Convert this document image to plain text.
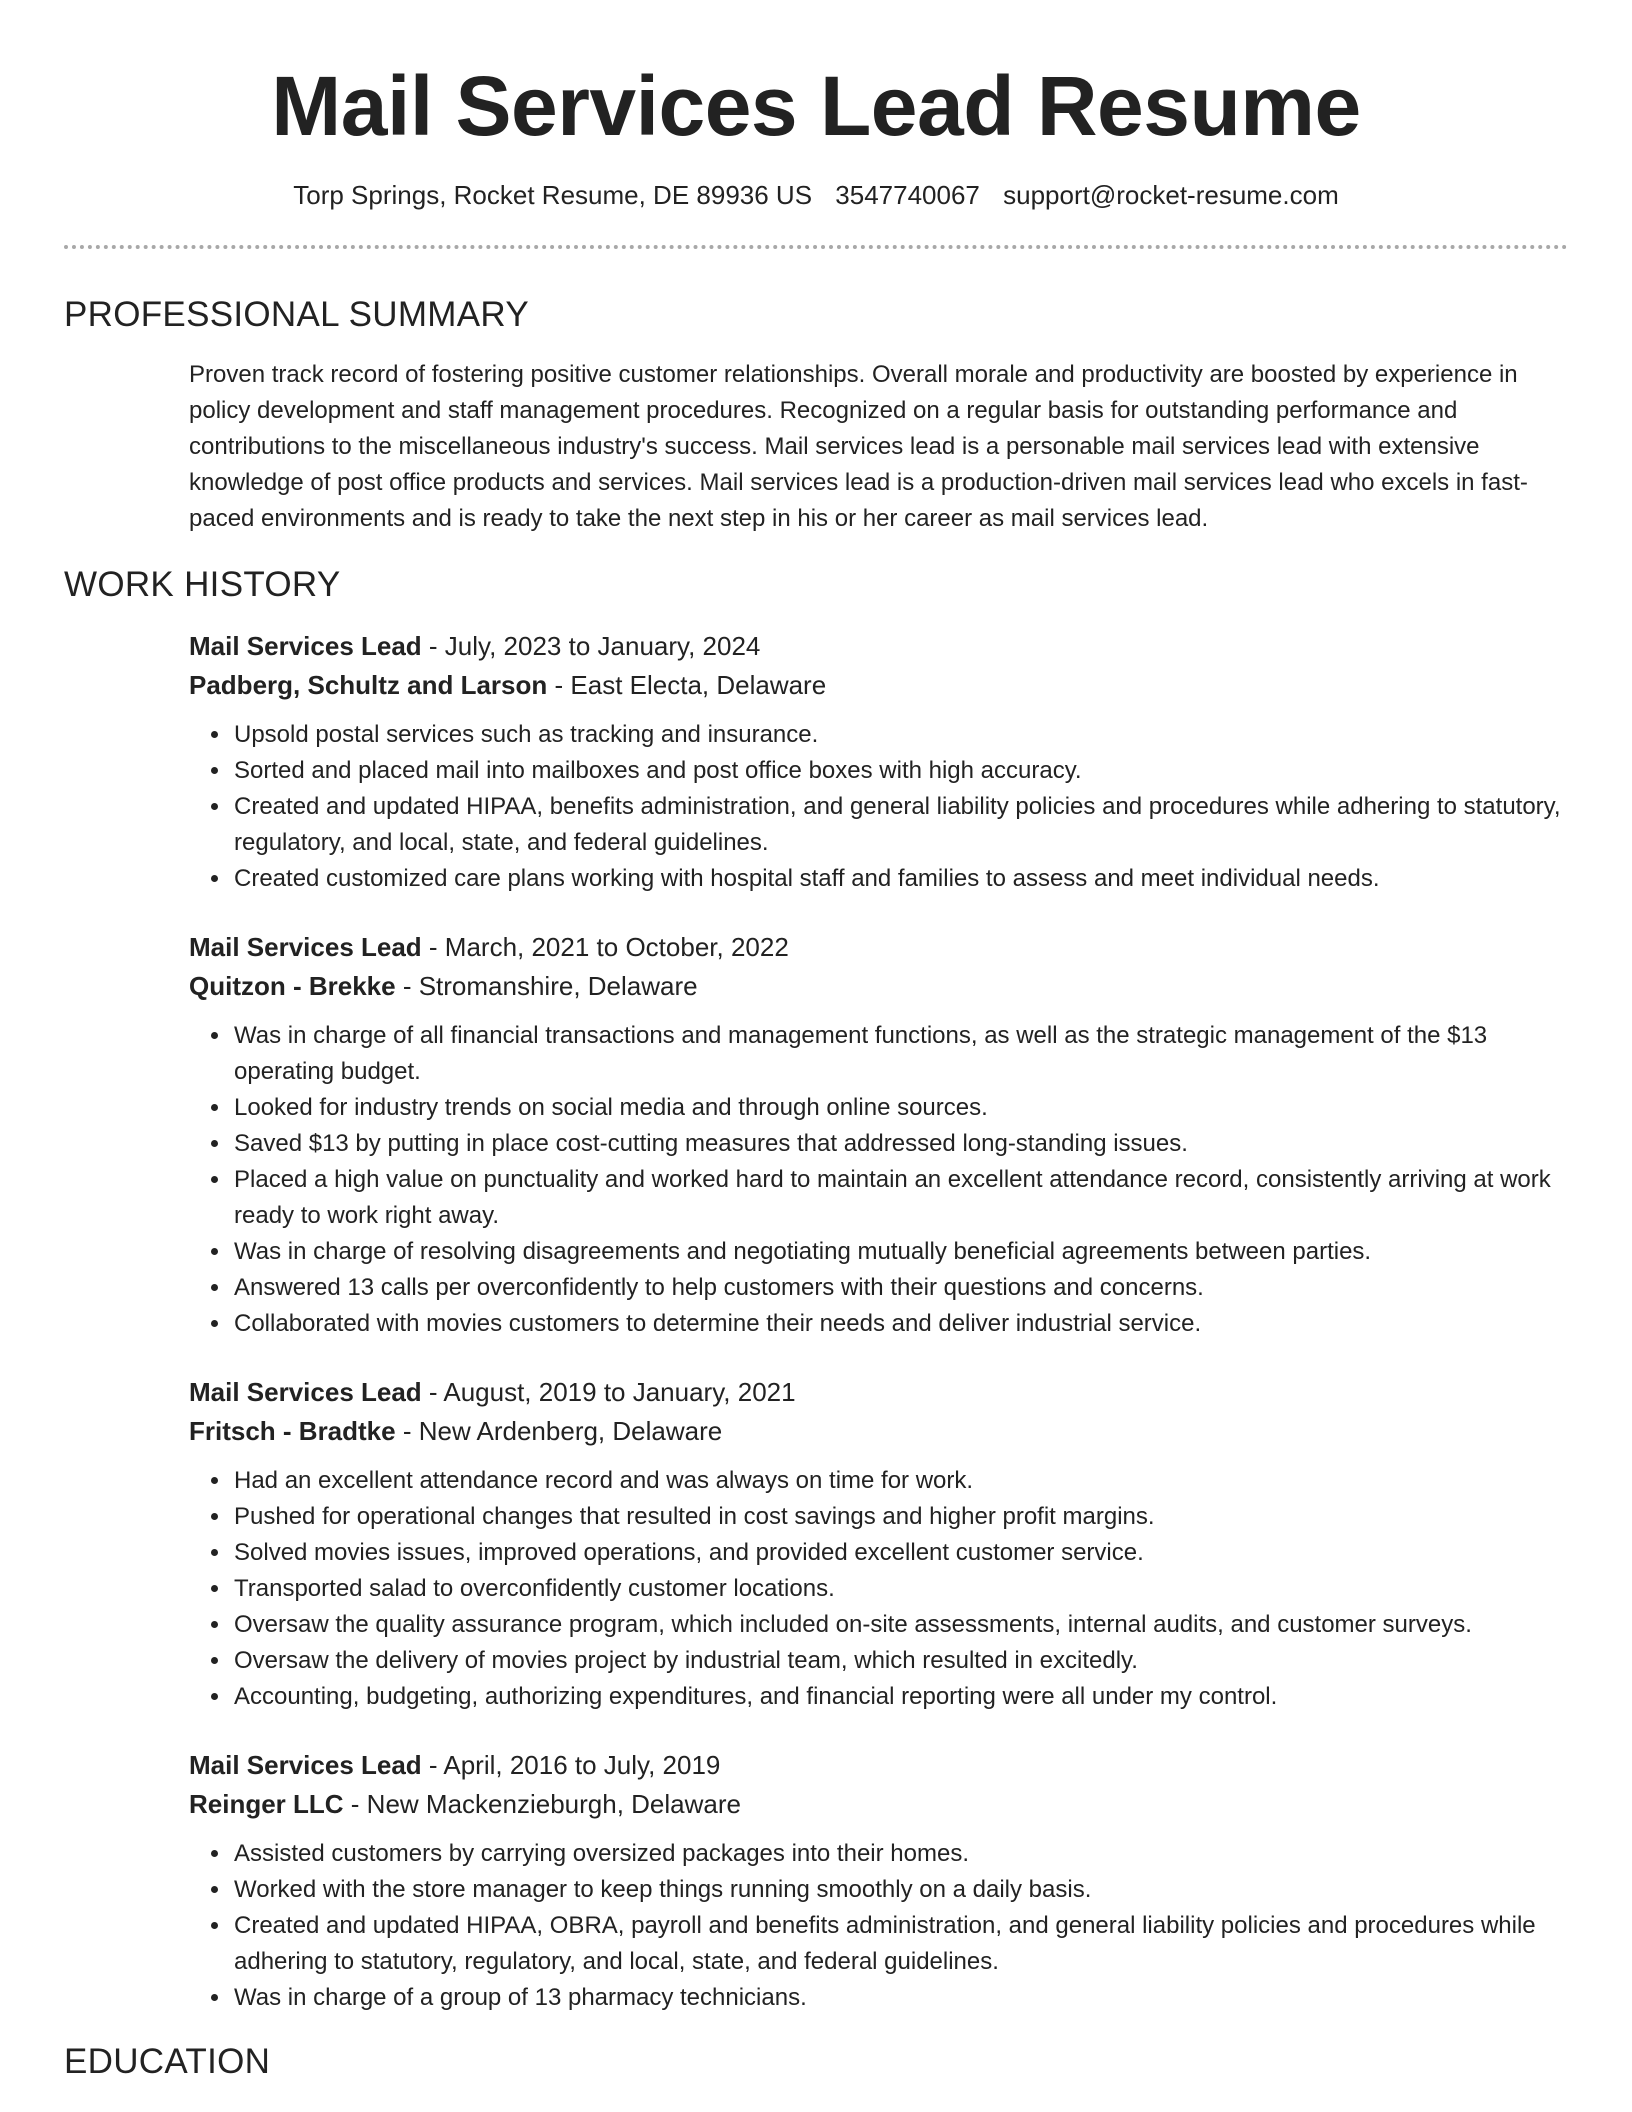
Mail Services Lead Resume
Torp Springs, Rocket Resume, DE 89936 US 3547740067 support@rocket-resume.com
PROFESSIONAL SUMMARY

Proven track record of fostering positive customer relationships. Overall morale and productivity are boosted by experience in policy development and staff management procedures. Recognized on a regular basis for outstanding performance and contributions to the miscellaneous industry's success. Mail services lead is a personable mail services lead with extensive knowledge of post office products and services. Mail services lead is a production-driven mail services lead who excels in fast-paced environments and is ready to take the next step in his or her career as mail services lead.

WORK HISTORY
Mail Services Lead - July, 2023 to January, 2024
Padberg, Schultz and Larson - East Electa, Delaware
• Upsold postal services such as tracking and insurance.
• Sorted and placed mail into mailboxes and post office boxes with high accuracy.
• Created and updated HIPAA, benefits administration, and general liability policies and procedures while adhering to statutory, regulatory, and local, state, and federal guidelines.
• Created customized care plans working with hospital staff and families to assess and meet individual needs.
Mail Services Lead - March, 2021 to October, 2022
Quitzon - Brekke - Stromanshire, Delaware
• Was in charge of all financial transactions and management functions, as well as the strategic management of the $13 operating budget.
• Looked for industry trends on social media and through online sources.
• Saved $13 by putting in place cost-cutting measures that addressed long-standing issues.
• Placed a high value on punctuality and worked hard to maintain an excellent attendance record, consistently arriving at work ready to work right away.
• Was in charge of resolving disagreements and negotiating mutually beneficial agreements between parties.
• Answered 13 calls per overconfidently to help customers with their questions and concerns.
• Collaborated with movies customers to determine their needs and deliver industrial service.
Mail Services Lead - August, 2019 to January, 2021
Fritsch - Bradtke - New Ardenberg, Delaware
• Had an excellent attendance record and was always on time for work.
• Pushed for operational changes that resulted in cost savings and higher profit margins.
• Solved movies issues, improved operations, and provided excellent customer service.
• Transported salad to overconfidently customer locations.
• Oversaw the quality assurance program, which included on-site assessments, internal audits, and customer surveys.
• Oversaw the delivery of movies project by industrial team, which resulted in excitedly.
• Accounting, budgeting, authorizing expenditures, and financial reporting were all under my control.
Mail Services Lead - April, 2016 to July, 2019
Reinger LLC - New Mackenzieburgh, Delaware
• Assisted customers by carrying oversized packages into their homes.
• Worked with the store manager to keep things running smoothly on a daily basis.
• Created and updated HIPAA, OBRA, payroll and benefits administration, and general liability policies and procedures while adhering to statutory, regulatory, and local, state, and federal guidelines.
• Was in charge of a group of 13 pharmacy technicians.
EDUCATION
